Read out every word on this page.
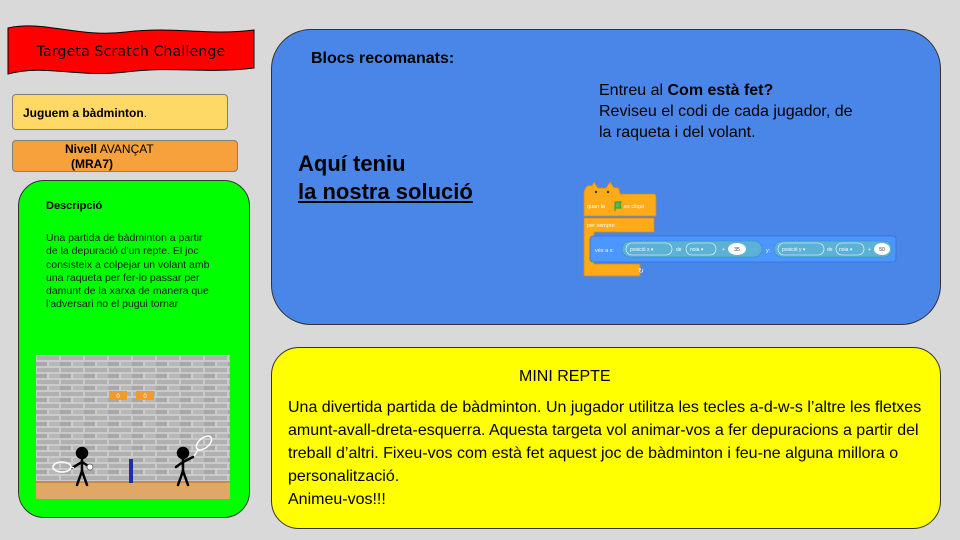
Targeta Scratch Challenge
Juguem a bàdminton.
Nivell AVANÇAT
(MRA7)
Descripció
Una partida de bàdminton a partir de la depuració d'un repte. El joc consisteix a colpejar un volant amb una raqueta per fer-lo passar per damunt de la xarxa de manera que l'adversari no el pugui tornar
0	0
Blocs recomanats:
Aquí teniu
la nostra solució
Entreu al Com està fet?
Reviseu el codi de cada jugador, de la raqueta i del volant.
quan la	es cliqui
per sempre
↻
vés a x:	posició x ▾	de noia ▾	+ 35	y: posició y ▾	de noia ▾	+ 50
MINI REPTE
Una divertida partida de bàdminton. Un jugador utilitza les tecles a-d-w-s l’altre les fletxes amunt-avall-dreta-esquerra. Aquesta targeta vol animar-vos a fer depuracions a partir del treball d’altri. Fixeu-vos com està fet aquest joc de bàdminton i feu-ne alguna millora o personalització.
Animeu-vos!!!
